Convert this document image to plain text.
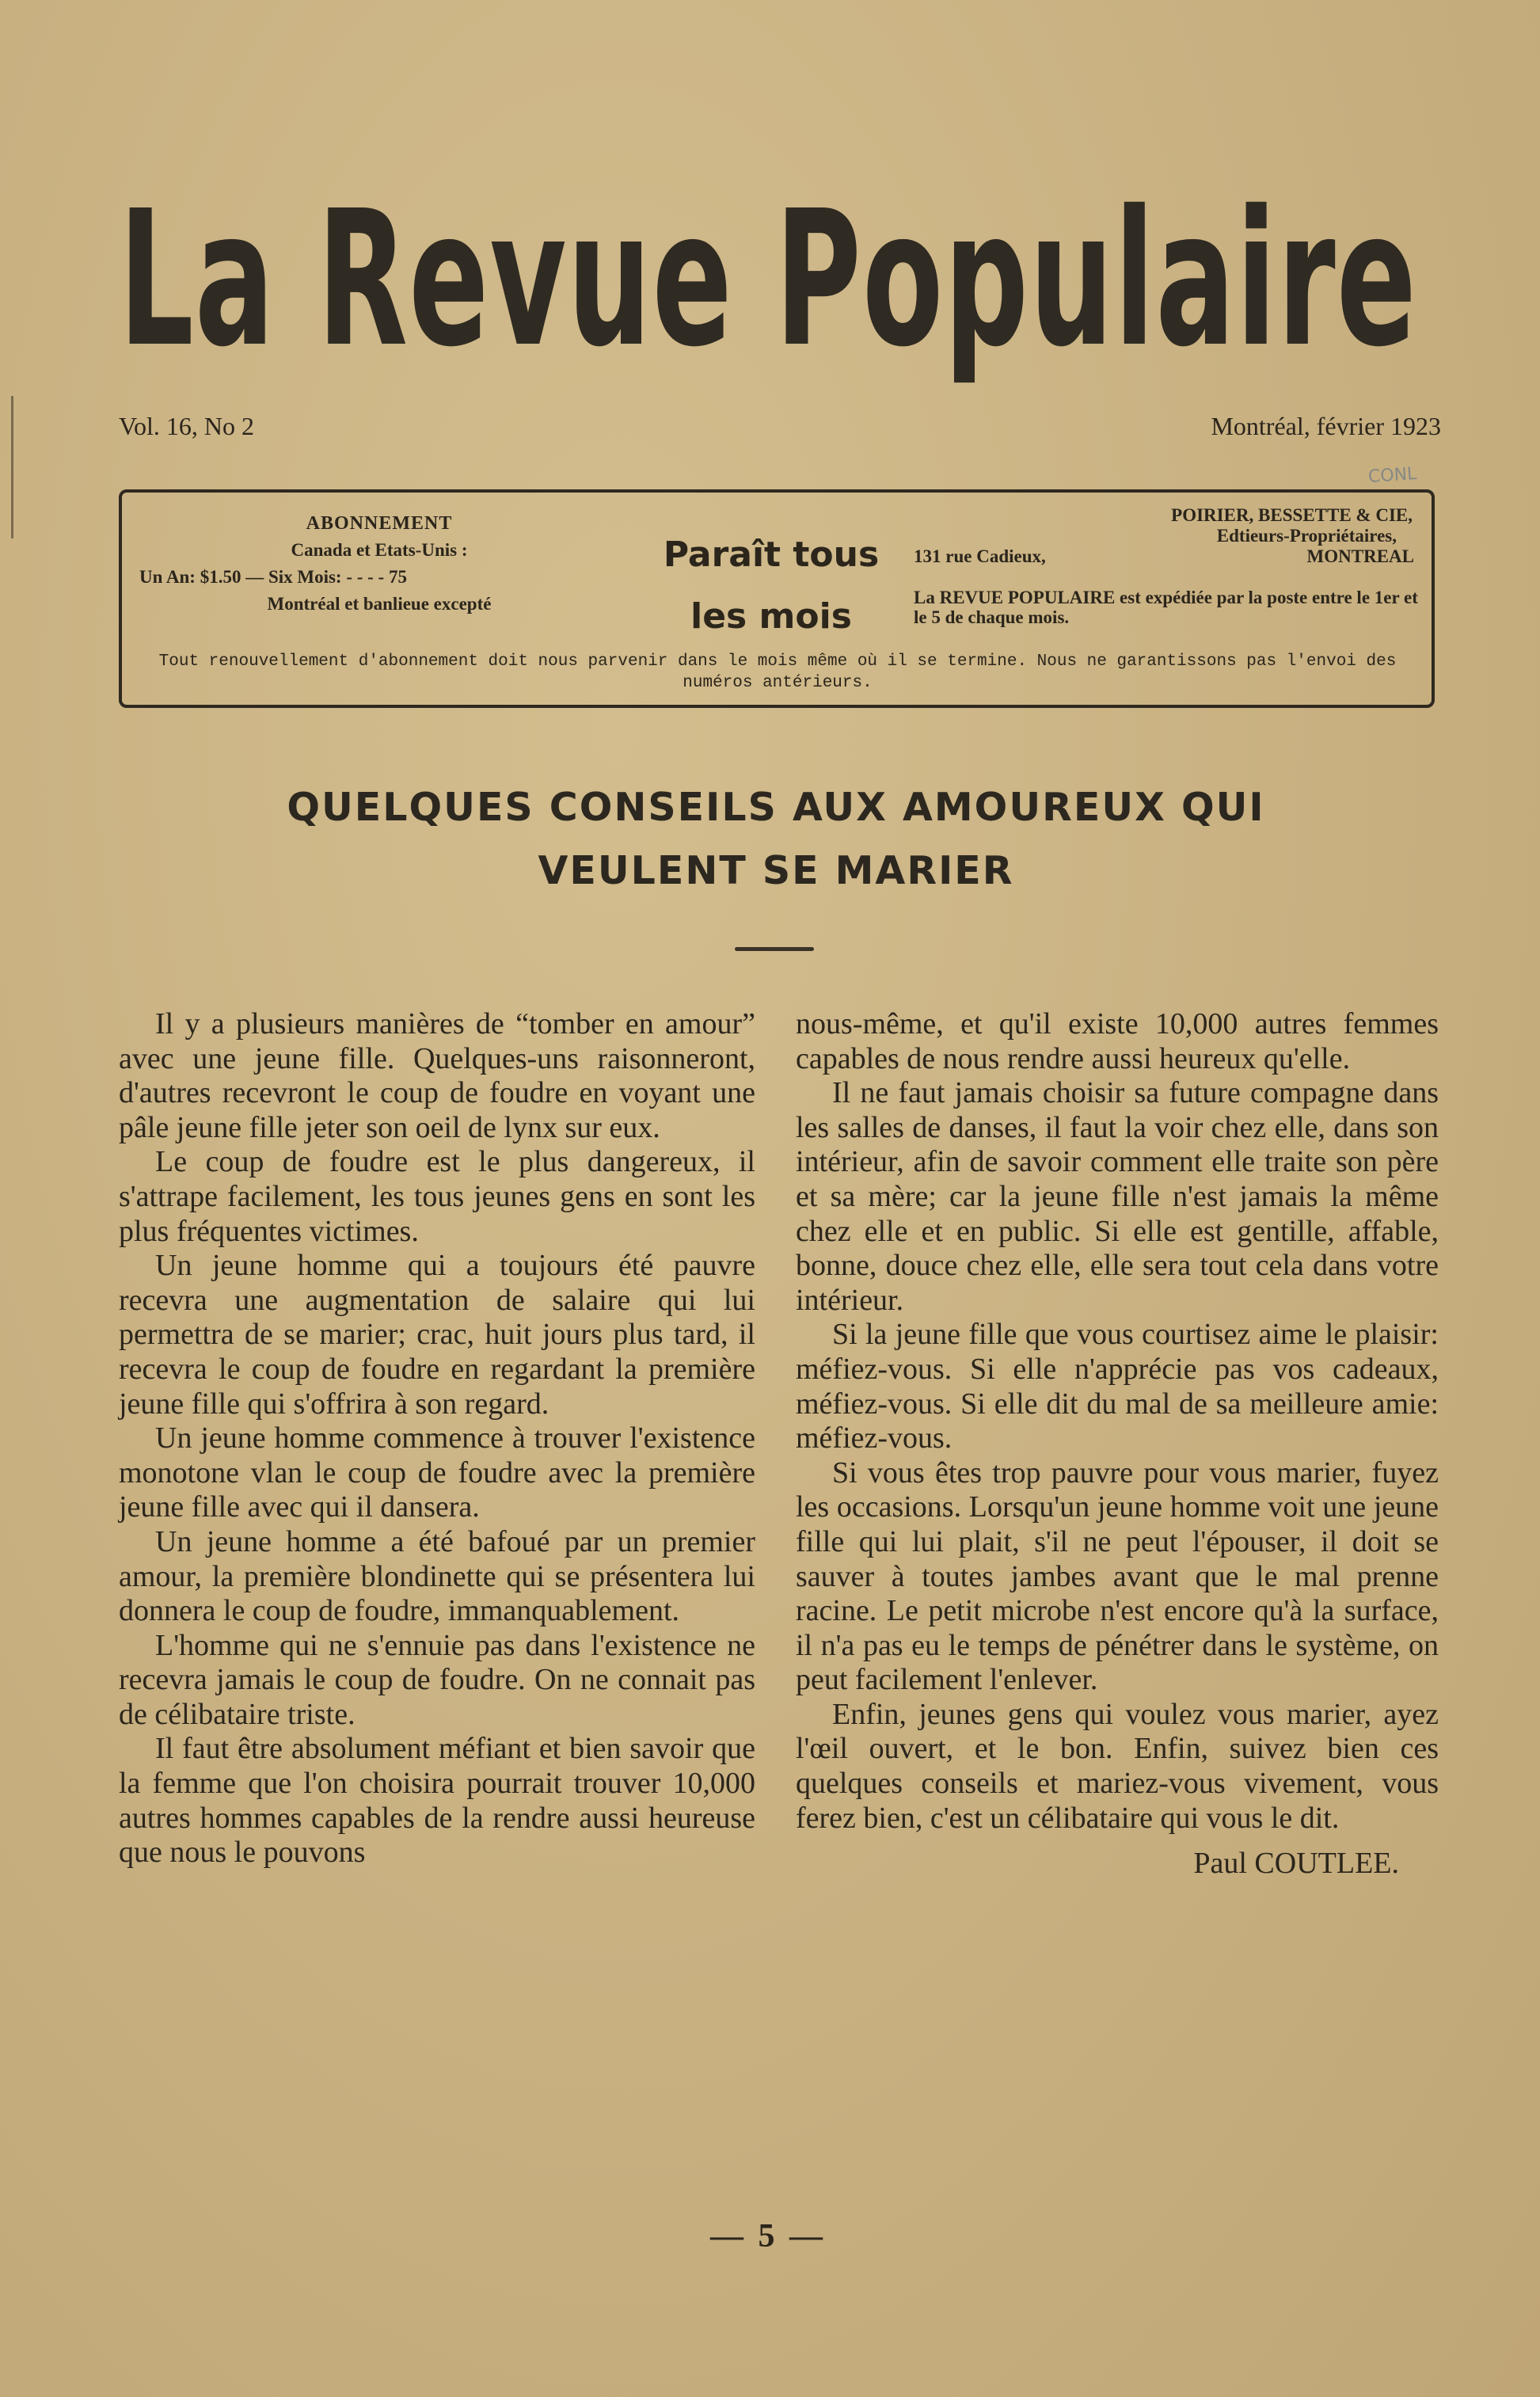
La Revue Populaire
Vol. 16, No 2	Montréal, février 1923
CONL
ABONNEMENT
Canada et Etats-Unis :
Un An: $1.50 — Six Mois: - - - - 75
Montréal et banlieue excepté
Paraît tous
les mois
POIRIER, BESSETTE & CIE,
Edtieurs-Propriétaires,
131 rue Cadieux,	MONTREAL
La REVUE POPULAIRE est expédiée par la poste entre le 1er et le 5 de chaque mois.
Tout renouvellement d'abonnement doit nous parvenir dans le mois même où il se termine. Nous ne garantissons pas l'envoi des numéros antérieurs.
QUELQUES CONSEILS AUX AMOUREUX QUI
VEULENT SE MARIER

Il y a plusieurs manières de “tomber en amour” avec une jeune fille. Quelques-uns raisonneront, d'autres recevront le coup de foudre en voyant une pâle jeune fille jeter son oeil de lynx sur eux.

Le coup de foudre est le plus dangereux, il s'attrape facilement, les tous jeunes gens en sont les plus fréquentes victimes.

Un jeune homme qui a toujours été pauvre recevra une augmentation de salaire qui lui permettra de se marier; crac, huit jours plus tard, il recevra le coup de foudre en regardant la première jeune fille qui s'offrira à son regard.

Un jeune homme commence à trouver l'existence monotone vlan le coup de foudre avec la première jeune fille avec qui il dansera.

Un jeune homme a été bafoué par un premier amour, la première blondinette qui se présentera lui donnera le coup de foudre, immanquablement.

L'homme qui ne s'ennuie pas dans l'existence ne recevra jamais le coup de foudre. On ne connait pas de célibataire triste.

Il faut être absolument méfiant et bien savoir que la femme que l'on choisira pourrait trouver 10,000 autres hommes capables de la rendre aussi heureuse que nous le pouvons

nous-même, et qu'il existe 10,000 autres femmes capables de nous rendre aussi heureux qu'elle.

Il ne faut jamais choisir sa future compagne dans les salles de danses, il faut la voir chez elle, dans son intérieur, afin de savoir comment elle traite son père et sa mère; car la jeune fille n'est jamais la même chez elle et en public. Si elle est gentille, affable, bonne, douce chez elle, elle sera tout cela dans votre intérieur.

Si la jeune fille que vous courtisez aime le plaisir: méfiez-vous. Si elle n'apprécie pas vos cadeaux, méfiez-vous. Si elle dit du mal de sa meilleure amie: méfiez-vous.

Si vous êtes trop pauvre pour vous marier, fuyez les occasions. Lorsqu'un jeune homme voit une jeune fille qui lui plait, s'il ne peut l'épouser, il doit se sauver à toutes jambes avant que le mal prenne racine. Le petit microbe n'est encore qu'à la surface, il n'a pas eu le temps de pénétrer dans le système, on peut facilement l'enlever.

Enfin, jeunes gens qui voulez vous marier, ayez l'œil ouvert, et le bon. Enfin, suivez bien ces quelques conseils et mariez-vous vivement, vous ferez bien, c'est un célibataire qui vous le dit.

Paul COUTLEE.
— 5 —
